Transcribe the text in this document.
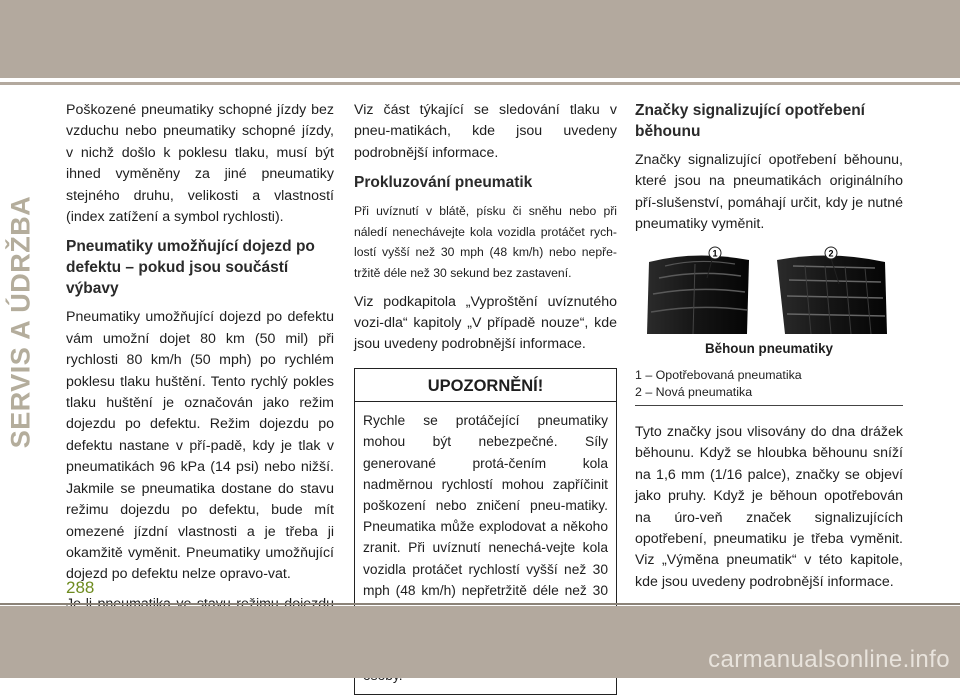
SERVIS A ÚDRŽBA

Poškozené pneumatiky schopné jízdy bez vzduchu nebo pneumatiky schopné jízdy, v nichž došlo k poklesu tlaku, musí být ihned vyměněny za jiné pneumatiky stejného druhu, velikosti a vlastností (index zatížení a symbol rychlosti).

Pneumatiky umožňující dojezd po defektu – pokud jsou součástí výbavy

Pneumatiky umožňující dojezd po defektu vám umožní dojet 80 km (50 mil) při rychlosti 80 km/h (50 mph) po rychlém poklesu tlaku huštění. Tento rychlý pokles tlaku huštění je označován jako režim dojezdu po defektu. Režim dojezdu po defektu nastane v pří-padě, kdy je tlak v pneumatikách 96 kPa (14 psi) nebo nižší. Jakmile se pneumatika dostane do stavu režimu dojezdu po defektu, bude mít omezené jízdní vlastnosti a je třeba ji okamžitě vyměnit. Pneumatiky umožňující dojezd po defektu nelze opravo-vat.

Viz část týkající se sledování tlaku v pneu-matikách, kde jsou uvedeny podrobnější informace.

Prokluzování pneumatik

Při uvíznutí v blátě, písku či sněhu nebo při náledí nenechávejte kola vozidla protáčet rych-lostí vyšší než 30 mph (48 km/h) nebo nepře-tržitě déle než 30 sekund bez zastavení.

Viz podkapitola „Vyproštění uvíznutého vozi-dla“ kapitoly „V případě nouze“, kde jsou uvedeny podrobnější informace.

UPOZORNĚNÍ!
Rychle se protáčející pneumatiky mohou být nebezpečné. Síly generované protá-čením kola nadměrnou rychlostí mohou zapříčinit poškození nebo zničení pneu-matiky. Pneumatika může explodovat a někoho zranit. Při uvíznutí nenechá-vejte kola vozidla protáčet rychlostí vyšší než 30 mph (48 km/h) nepřetržitě déle než 30
Značky signalizující opotřebení běhounu

Značky signalizující opotřebení běhounu, které jsou na pneumatikách originálního pří-slušenství, pomáhají určit, kdy je nutné pneumatiky vyměnit.

1	2
Běhoun pneumatiky
1 – Opotřebovaná pneumatika
2 – Nová pneumatika

Tyto značky jsou vlisovány do dna drážek běhounu. Když se hloubka běhounu sníží na 1,6 mm (1/16 palce), značky se objeví jako pruhy. Když je běhoun opotřebován na úro-veň značek signalizujících opotřebení, pneumatiku je třeba vyměnit. Viz „Výměna pneumatik“ v této kapitole, kde jsou uvedeny podrobnější informace.

288
carmanualsonline.info
